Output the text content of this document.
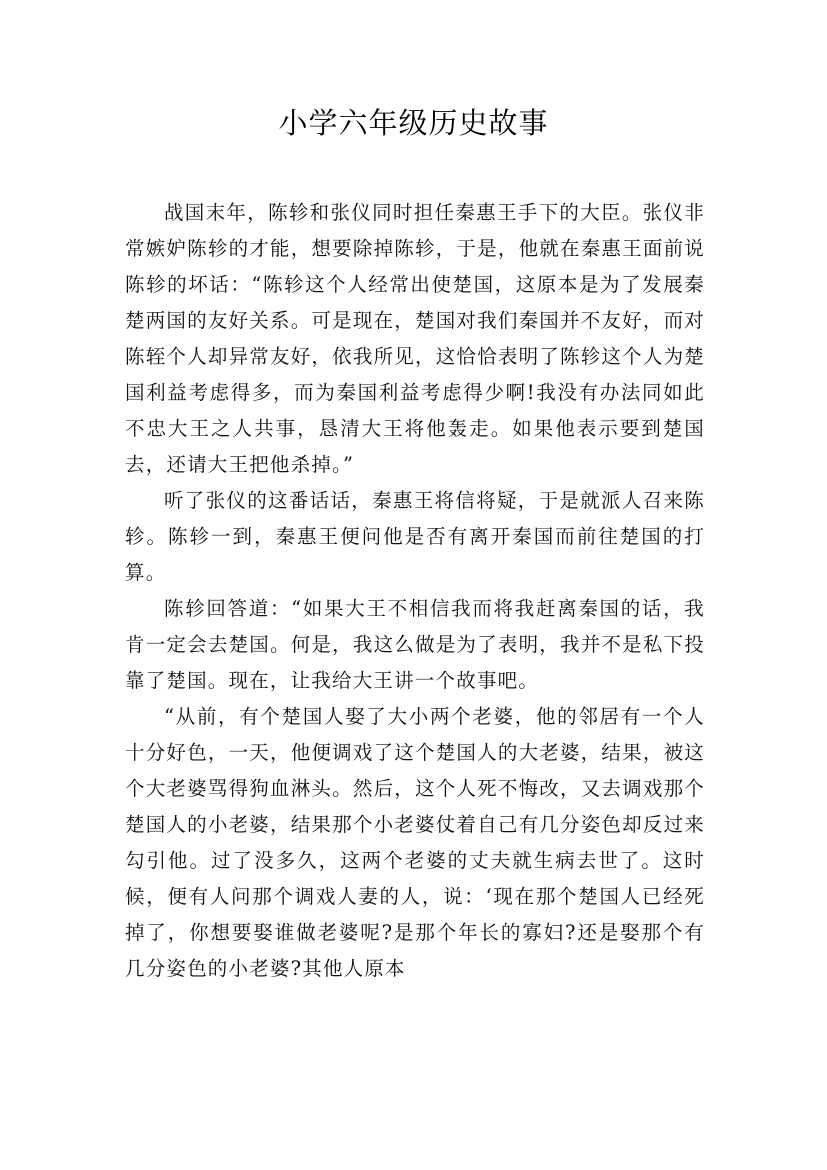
小学六年级历史故事

战国末年，陈轸和张仪同时担任秦惠王手下的大臣。张仪非常嫉妒陈轸的才能，想要除掉陈轸，于是，他就在秦惠王面前说陈轸的坏话：“陈轸这个人经常出使楚国，这原本是为了发展秦楚两国的友好关系。可是现在，楚国对我们秦国并不友好，而对陈轾个人却异常友好，依我所见，这恰恰表明了陈轸这个人为楚国利益考虑得多，而为秦国利益考虑得少啊!我没有办法同如此不忠大王之人共事，恳清大王将他轰走。如果他表示要到楚国去，还请大王把他杀掉。”

听了张仪的这番话话，秦惠王将信将疑，于是就派人召来陈轸。陈轸一到，秦惠王便问他是否有离开秦国而前往楚国的打算。

陈轸回答道：“如果大王不相信我而将我赶离秦国的话，我肯一定会去楚国。何是，我这么做是为了表明，我并不是私下投靠了楚国。现在，让我给大王讲一个故事吧。

“从前，有个楚国人娶了大小两个老婆，他的邻居有一个人十分好色，一天，他便调戏了这个楚国人的大老婆，结果，被这个大老婆骂得狗血淋头。然后，这个人死不悔改，又去调戏那个楚国人的小老婆，结果那个小老婆仗着自己有几分姿色却反过来勾引他。过了没多久，这两个老婆的丈夫就生病去世了。这时候，便有人问那个调戏人妻的人，说：‘现在那个楚国人已经死掉了，你想要娶谁做老婆呢?是那个年长的寡妇?还是娶那个有几分姿色的小老婆?其他人原本
